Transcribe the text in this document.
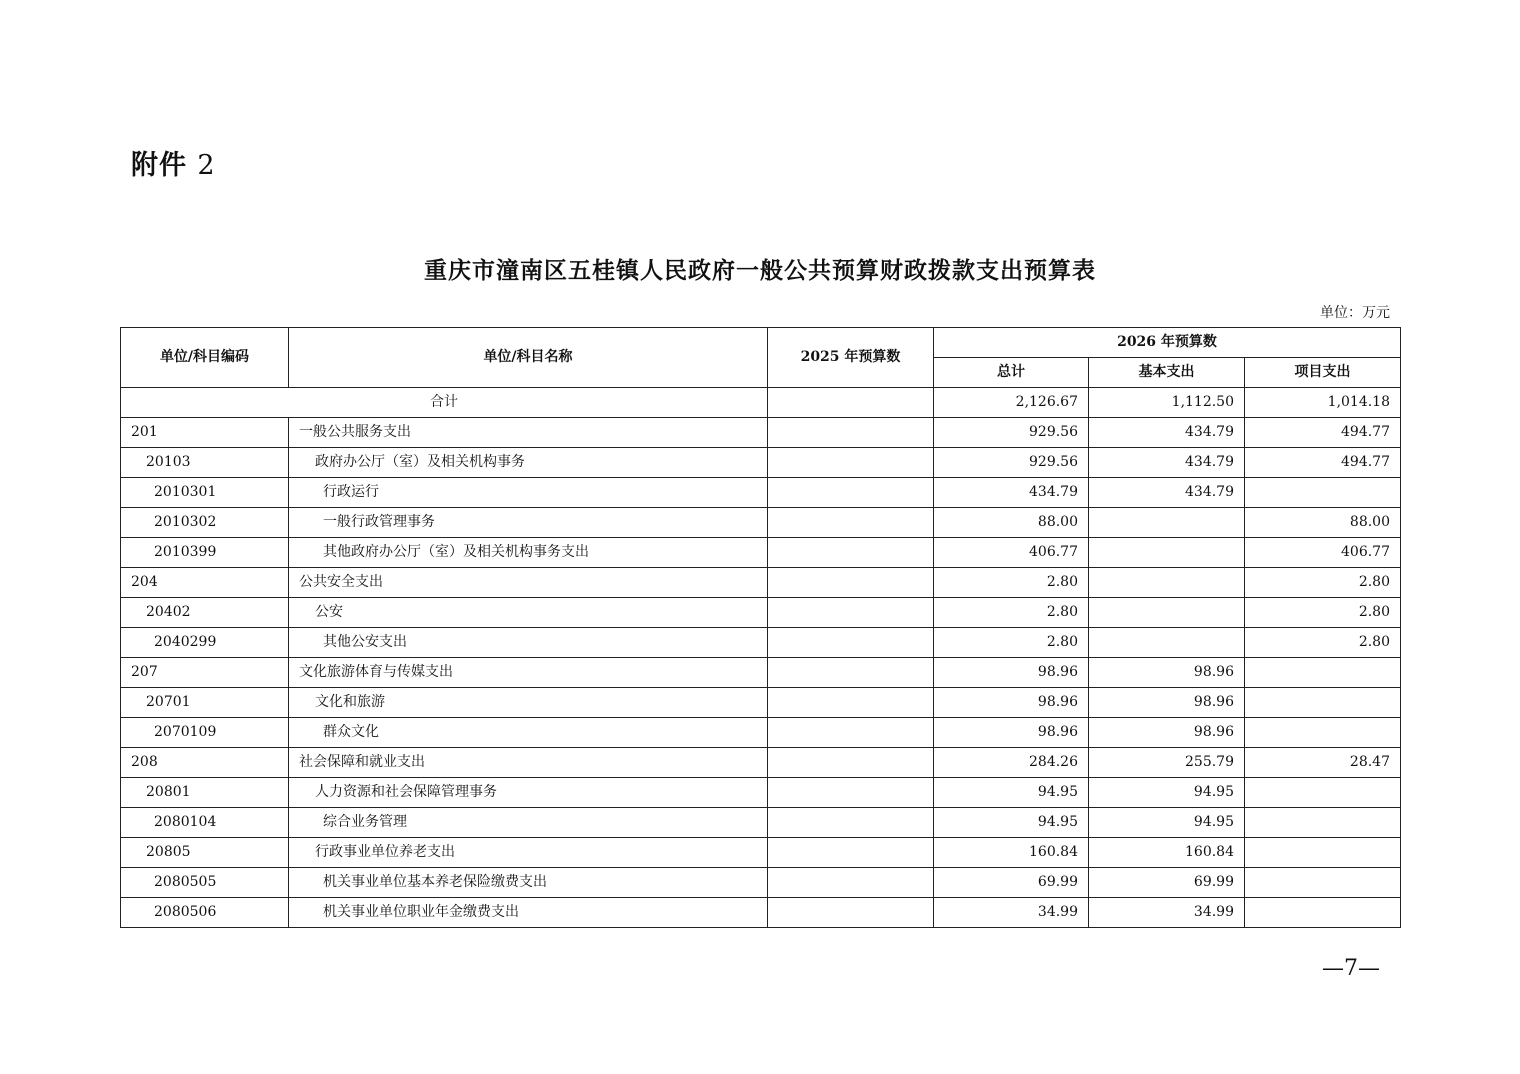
附件 2
重庆市潼南区五桂镇人民政府一般公共预算财政拨款支出预算表
单位：万元
单位/科目编码	单位/科目名称	2025 年预算数	2026 年预算数		
			总计	基本支出	项目支出
合计			2,126.67	1,112.50	1,014.18
201	一般公共服务支出		929.56	434.79	494.77
20103	政府办公厅（室）及相关机构事务		929.56	434.79	494.77
2010301	行政运行		434.79	434.79	
2010302	一般行政管理事务		88.00		88.00
2010399	其他政府办公厅（室）及相关机构事务支出		406.77		406.77
204	公共安全支出		2.80		2.80
20402	公安		2.80		2.80
2040299	其他公安支出		2.80		2.80
207	文化旅游体育与传媒支出		98.96	98.96	
20701	文化和旅游		98.96	98.96	
2070109	群众文化		98.96	98.96	
208	社会保障和就业支出		284.26	255.79	28.47
20801	人力资源和社会保障管理事务		94.95	94.95	
2080104	综合业务管理		94.95	94.95	
20805	行政事业单位养老支出		160.84	160.84	
2080505	机关事业单位基本养老保险缴费支出		69.99	69.99	
2080506	机关事业单位职业年金缴费支出		34.99	34.99	
—7—
